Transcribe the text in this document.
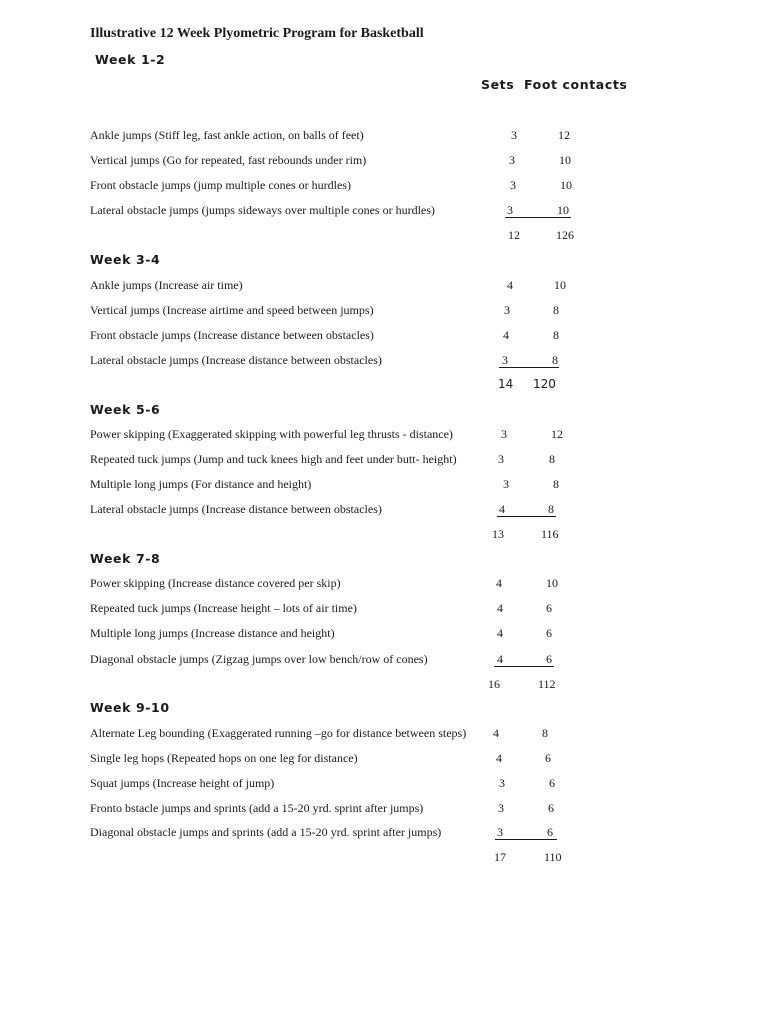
Illustrative 12 Week Plyometric Program for Basketball
Week 1-2
Sets Foot contacts
Ankle jumps (Stiff leg, fast ankle action, on balls of feet)	3	12
Vertical jumps (Go for repeated, fast rebounds under rim)	3	10
Front obstacle jumps (jump multiple cones or hurdles)	3	10
Lateral obstacle jumps (jumps sideways over multiple cones or hurdles)	3	10
12	126
Week 3-4
Ankle jumps (Increase air time)	4	10
Vertical jumps (Increase airtime and speed between jumps)	3	8
Front obstacle jumps (Increase distance between obstacles)	4	8
Lateral obstacle jumps (Increase distance between obstacles)	3	8
14 120
Week 5-6
Power skipping (Exaggerated skipping with powerful leg thrusts - distance)	3	12
Repeated tuck jumps (Jump and tuck knees high and feet under butt- height)	3	8
Multiple long jumps (For distance and height)	3	8
Lateral obstacle jumps (Increase distance between obstacles)	4	8
13	116
Week 7-8
Power skipping (Increase distance covered per skip)	4	10
Repeated tuck jumps (Increase height – lots of air time)	4	6
Multiple long jumps (Increase distance and height)	4	6
Diagonal obstacle jumps (Zigzag jumps over low bench/row of cones)	4	6
16	112
Week 9-10
Alternate Leg bounding (Exaggerated running –go for distance between steps) 4	8
Single leg hops (Repeated hops on one leg for distance)	4	6
Squat jumps (Increase height of jump)	3	6
Fronto bstacle jumps and sprints (add a 15-20 yrd. sprint after jumps)	3	6
Diagonal obstacle jumps and sprints (add a 15-20 yrd. sprint after jumps)	3	6
17	110
